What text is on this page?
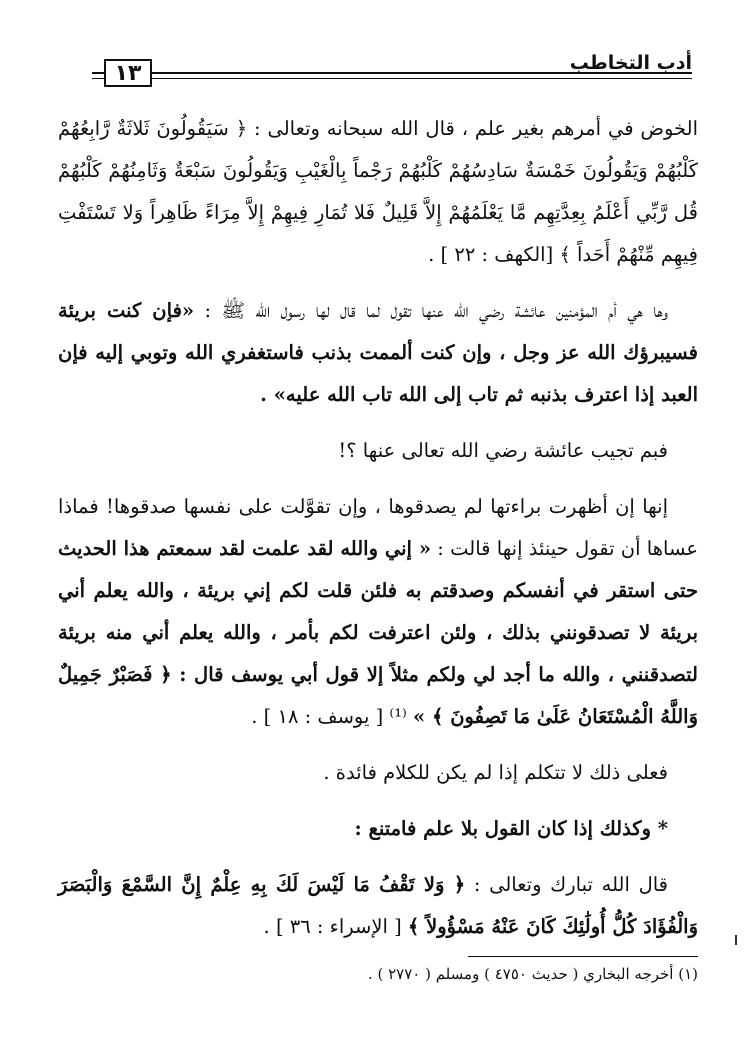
أدب التخاطب
١٣

الخوض في أمرهم بغير علم ، قال الله سبحانه وتعالى : ﴿ سَيَقُولُونَ ثَلاثَةٌ رَّابِعُهُمْ كَلْبُهُمْ وَيَقُولُونَ خَمْسَةٌ سَادِسُهُمْ كَلْبُهُمْ رَجْماً بِالْغَيْبِ وَيَقُولُونَ سَبْعَةٌ وَثَامِنُهُمْ كَلْبُهُمْ قُل رَّبِّي أَعْلَمُ بِعِدَّتِهِم مَّا يَعْلَمُهُمْ إِلاَّ قَلِيلٌ فَلا تُمَارِ فِيهِمْ إِلاَّ مِرَاءً ظَاهِراً وَلا تَسْتَفْتِ فِيهِم مِّنْهُمْ أَحَداً ﴾ [الكهف : ٢٢ ] .

وها هي أم المؤمنين عائشة رضي الله عنها تقول لما قال لها رسول الله ﷺ : «فإن كنت بريئة فسيبرؤك الله عز وجل ، وإن كنت ألممت بذنب فاستغفري الله وتوبي إليه فإن العبد إذا اعترف بذنبه ثم تاب إلى الله تاب الله عليه» .

فبم تجيب عائشة رضي الله تعالى عنها ؟!

إنها إن أظهرت براءتها لم يصدقوها ، وإن تقوَّلت على نفسها صدقوها! فماذا عساها أن تقول حينئذ إنها قالت : « إني والله لقد علمت لقد سمعتم هذا الحديث حتى استقر في أنفسكم وصدقتم به فلئن قلت لكم إني بريئة ، والله يعلم أني بريئة لا تصدقونني بذلك ، ولئن اعترفت لكم بأمر ، والله يعلم أني منه بريئة لتصدقنني ، والله ما أجد لي ولكم مثلاً إلا قول أبي يوسف قال : ﴿ فَصَبْرٌ جَمِيلٌ وَاللَّهُ الْمُسْتَعَانُ عَلَىٰ مَا تَصِفُونَ ﴾ » ⁽¹⁾ [ يوسف : ١٨ ] .

فعلى ذلك لا تتكلم إذا لم يكن للكلام فائدة .

* وكذلك إذا كان القول بلا علم فامتنع :

قال الله تبارك وتعالى : ﴿ وَلا تَقْفُ مَا لَيْسَ لَكَ بِهِ عِلْمٌ إِنَّ السَّمْعَ وَالْبَصَرَ وَالْفُؤَادَ كُلُّ أُولَٰئِكَ كَانَ عَنْهُ مَسْؤُولاً ﴾ [ الإسراء : ٣٦ ] .

(١) أخرجه البخاري ( حديث ٤٧٥٠ ) ومسلم ( ٢٧٧٠ ) .
